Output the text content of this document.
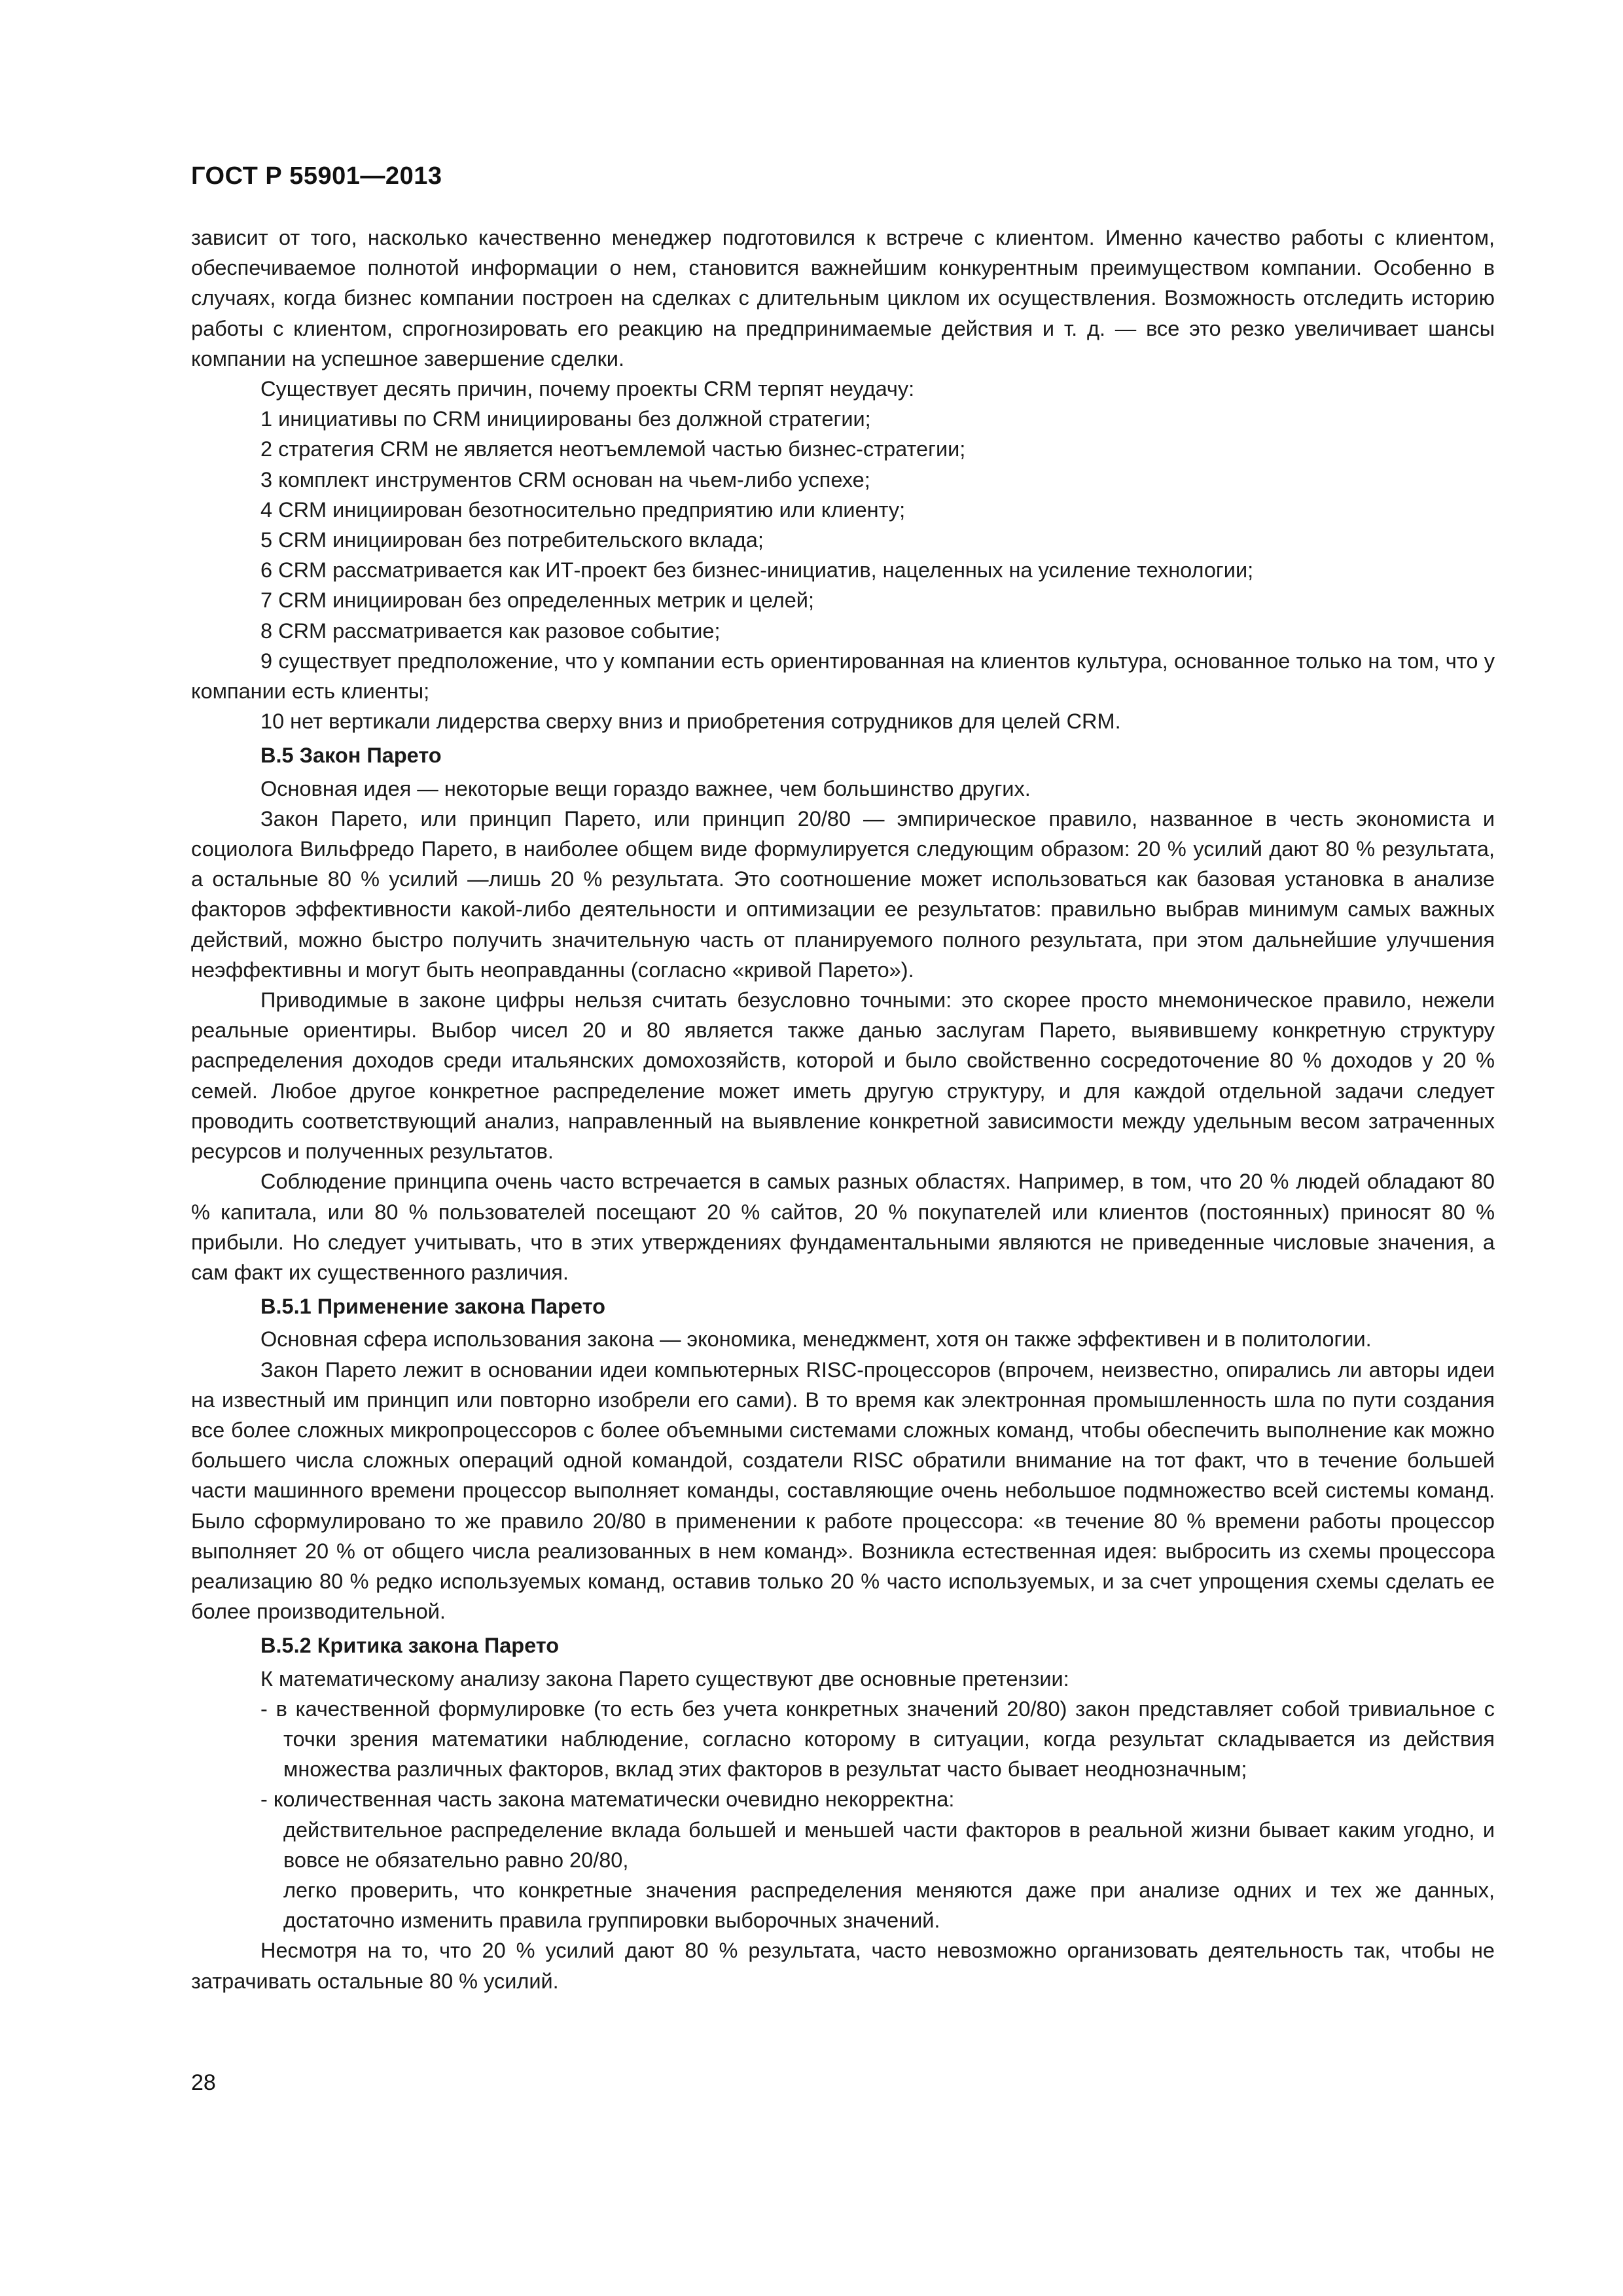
ГОСТ Р 55901—2013

зависит от того, насколько качественно менеджер подготовился к встрече с клиентом. Именно качество работы с клиентом, обеспечиваемое полнотой информации о нем, становится важнейшим конкурентным преимуществом компании. Особенно в случаях, когда бизнес компании построен на сделках с длительным циклом их осуществления. Возможность отследить историю работы с клиентом, спрогнозировать его реакцию на предпринимаемые действия и т. д. — все это резко увеличивает шансы компании на успешное завершение сделки.

Существует десять причин, почему проекты CRM терпят неудачу:

1 инициативы по CRM инициированы без должной стратегии;

2 стратегия CRM не является неотъемлемой частью бизнес-стратегии;

3 комплект инструментов CRM основан на чьем-либо успехе;

4 CRM инициирован безотносительно предприятию или клиенту;

5 CRM инициирован без потребительского вклада;

6 CRM рассматривается как ИТ-проект без бизнес-инициатив, нацеленных на усиление технологии;

7 CRM инициирован без определенных метрик и целей;

8 CRM рассматривается как разовое событие;

9 существует предположение, что у компании есть ориентированная на клиентов культура, основанное только на том, что у компании есть клиенты;

10 нет вертикали лидерства сверху вниз и приобретения сотрудников для целей CRM.

В.5 Закон Парето

Основная идея — некоторые вещи гораздо важнее, чем большинство других.

Закон Парето, или принцип Парето, или принцип 20/80 — эмпирическое правило, названное в честь экономиста и социолога Вильфредо Парето, в наиболее общем виде формулируется следующим образом: 20 % усилий дают 80 % результата, а остальные 80 % усилий —лишь 20 % результата. Это соотношение может использоваться как базовая установка в анализе факторов эффективности какой-либо деятельности и оптимизации ее результатов: правильно выбрав минимум самых важных действий, можно быстро получить значительную часть от планируемого полного результата, при этом дальнейшие улучшения неэффективны и могут быть неоправданны (согласно «кривой Парето»).

Приводимые в законе цифры нельзя считать безусловно точными: это скорее просто мнемоническое правило, нежели реальные ориентиры. Выбор чисел 20 и 80 является также данью заслугам Парето, выявившему конкретную структуру распределения доходов среди итальянских домохозяйств, которой и было свойственно сосредоточение 80 % доходов у 20 % семей. Любое другое конкретное распределение может иметь другую структуру, и для каждой отдельной задачи следует проводить соответствующий анализ, направленный на выявление конкретной зависимости между удельным весом затраченных ресурсов и полученных результатов.

Соблюдение принципа очень часто встречается в самых разных областях. Например, в том, что 20 % людей обладают 80 % капитала, или 80 % пользователей посещают 20 % сайтов, 20 % покупателей или клиентов (постоянных) приносят 80 % прибыли. Но следует учитывать, что в этих утверждениях фундаментальными являются не приведенные числовые значения, а сам факт их существенного различия.

В.5.1 Применение закона Парето

Основная сфера использования закона — экономика, менеджмент, хотя он также эффективен и в политологии.

Закон Парето лежит в основании идеи компьютерных RISC-процессоров (впрочем, неизвестно, опирались ли авторы идеи на известный им принцип или повторно изобрели его сами). В то время как электронная промышленность шла по пути создания все более сложных микропроцессоров с более объемными системами сложных команд, чтобы обеспечить выполнение как можно большего числа сложных операций одной командой, создатели RISC обратили внимание на тот факт, что в течение большей части машинного времени процессор выполняет команды, составляющие очень небольшое подмножество всей системы команд. Было сформулировано то же правило 20/80 в применении к работе процессора: «в течение 80 % времени работы процессор выполняет 20 % от общего числа реализованных в нем команд». Возникла естественная идея: выбросить из схемы процессора реализацию 80 % редко используемых команд, оставив только 20 % часто используемых, и за счет упрощения схемы сделать ее более производительной.

В.5.2 Критика закона Парето

К математическому анализу закона Парето существуют две основные претензии:

- в качественной формулировке (то есть без учета конкретных значений 20/80) закон представляет собой тривиальное с точки зрения математики наблюдение, согласно которому в ситуации, когда результат складывается из действия множества различных факторов, вклад этих факторов в результат часто бывает неоднозначным;

- количественная часть закона математически очевидно некорректна:

действительное распределение вклада большей и меньшей части факторов в реальной жизни бывает каким угодно, и вовсе не обязательно равно 20/80,

легко проверить, что конкретные значения распределения меняются даже при анализе одних и тех же данных, достаточно изменить правила группировки выборочных значений.

Несмотря на то, что 20 % усилий дают 80 % результата, часто невозможно организовать деятельность так, чтобы не затрачивать остальные 80 % усилий.

28
